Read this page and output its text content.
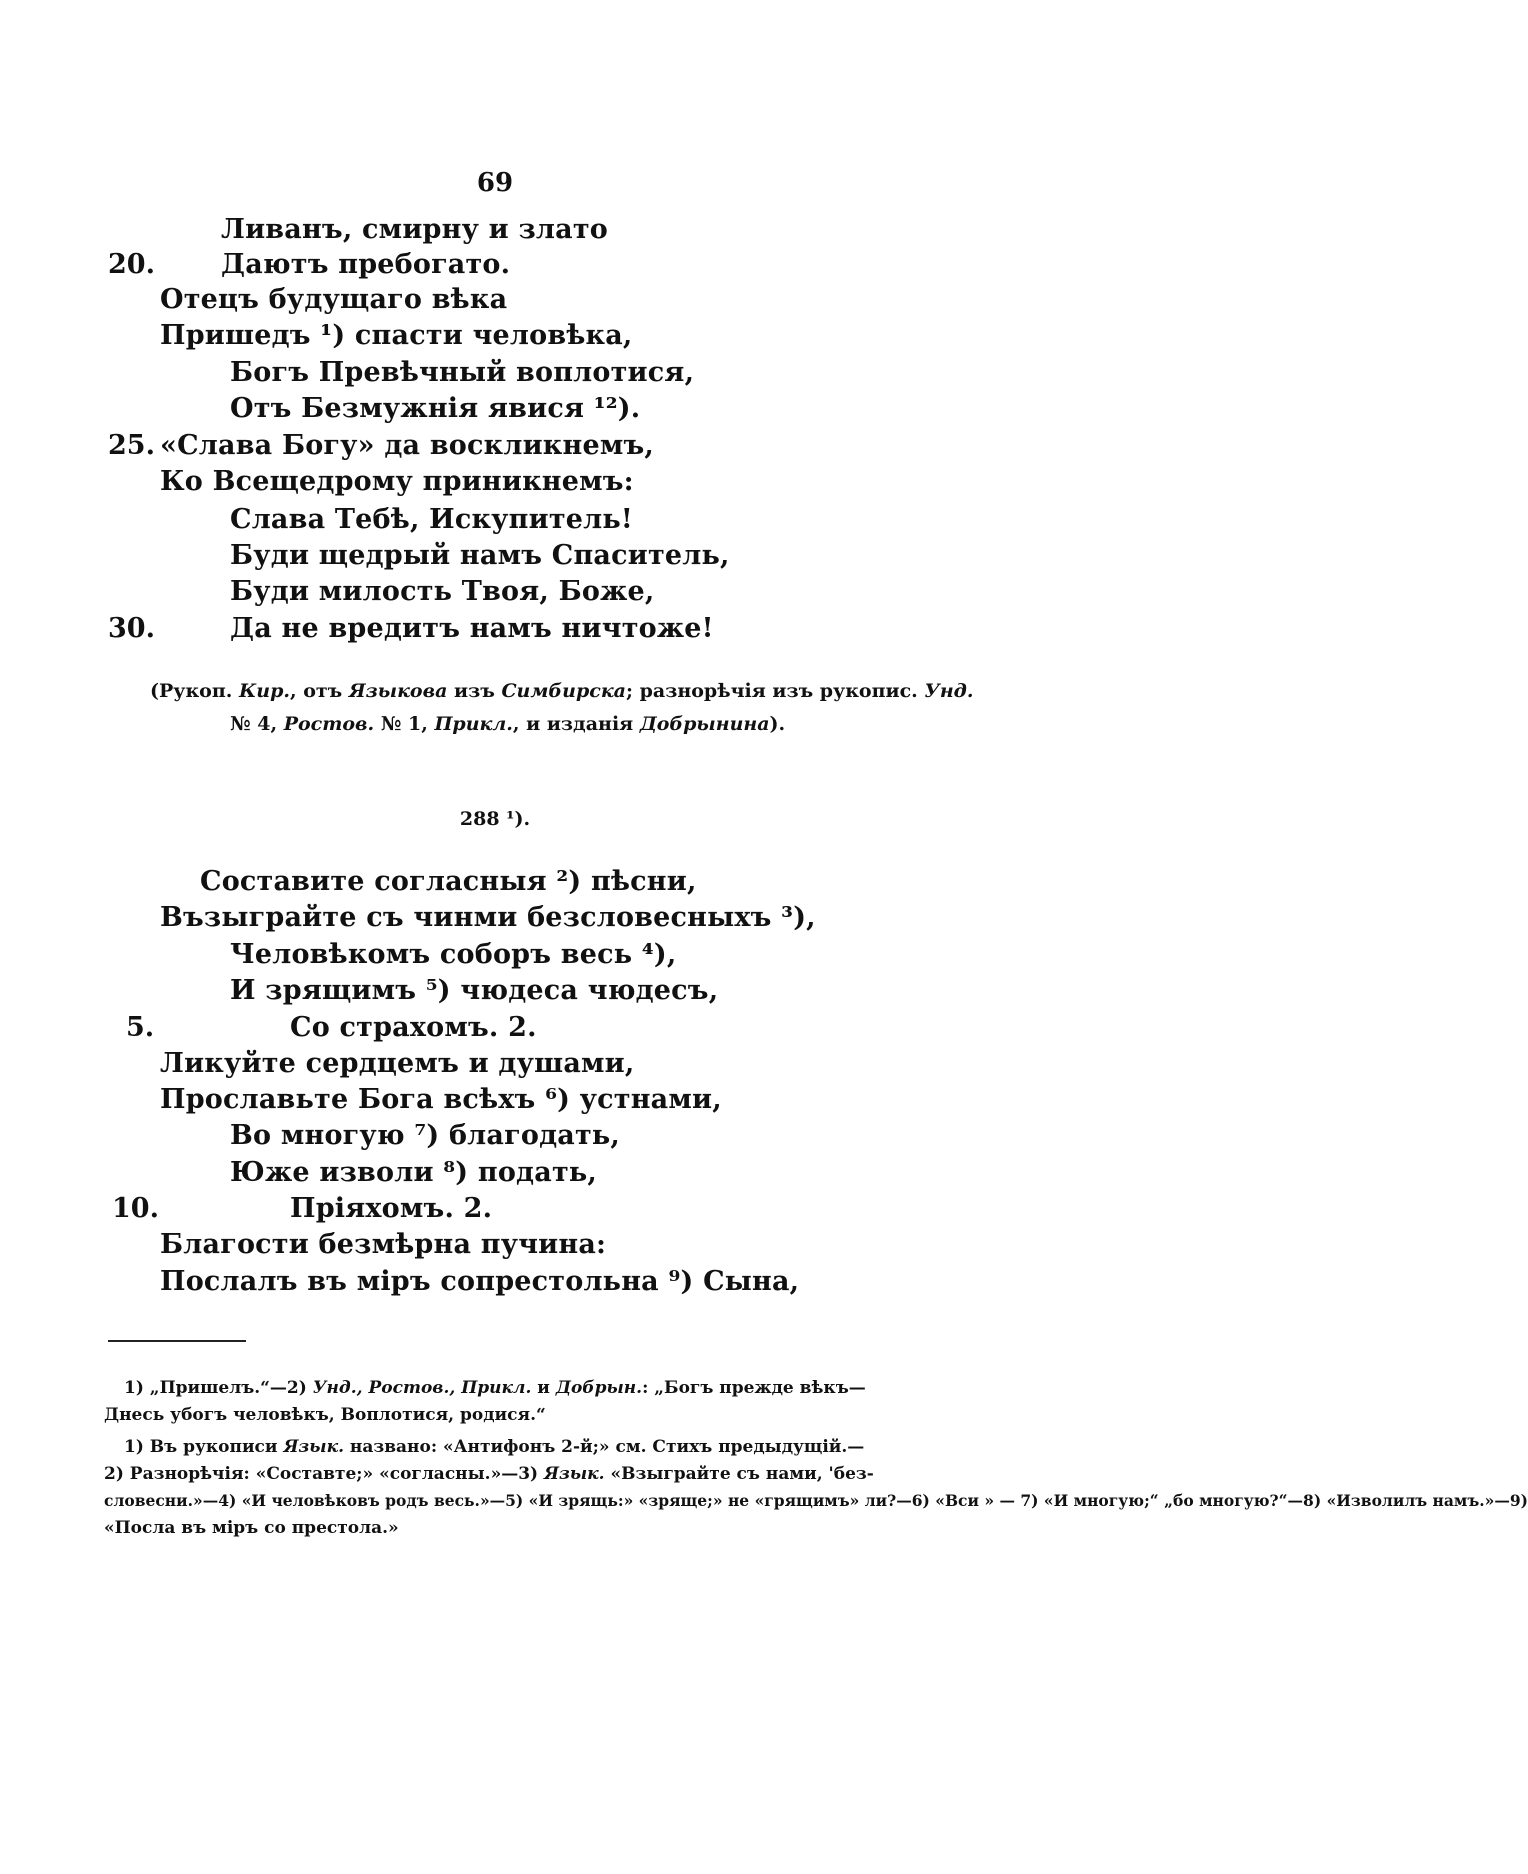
69
Ливанъ, смирну и злато
20. Даютъ пребогато.
Отецъ будущаго вѣка
Пришедъ ¹) спасти человѣка,
Богъ Превѣчный воплотися,
Отъ Безмужнія явися ¹²).
25. «Слава Богу» да воскликнемъ,
Ко Всещедрому приникнемъ:
Слава Тебѣ, Искупитель!
Буди щедрый намъ Спаситель,
Буди милость Твоя, Боже,
30.	Да не вредитъ намъ ничтоже!
(Рукоп. Кир., отъ Языкова изъ Симбирска; разнорѣчія изъ рукопис. Унд.
№ 4, Ростов. № 1, Прикл., и изданія Добрынина).
288 ¹).
Составите согласныя ²) пѣсни,
Възыграйте съ чинми безсловесныхъ ³),
Человѣкомъ соборъ весь ⁴),
И зрящимъ ⁵) чюдеса чюдесъ,
5.	Со страхомъ. 2.
Ликуйте сердцемъ и душами,
Прославьте Бога всѣхъ ⁶) устнами,
Во многую ⁷) благодать,
Юже изволи ⁸) подать,
10.	Пріяхомъ. 2.
Благости безмѣрна пучина:
Послалъ въ міръ сопрестольна ⁹) Сына,
1) „Пришелъ.“—2) Унд., Ростов., Прикл. и Добрын.: „Богъ прежде вѣкъ—
Днесь убогъ человѣкъ, Воплотися, родися.“
1) Въ рукописи Язык. названо: «Антифонъ 2-й;» см. Стихъ предыдущій.—
2) Разнорѣчія: «Составте;» «согласны.»—3) Язык. «Взыграйте съ нами, 'без-
словесни.»—4) «И человѣковъ родъ весь.»—5) «И зрящь:» «зряще;» не «грящимъ» ли?—6) «Вси » — 7) «И многую;“ „бо многую?“—8) «Изволилъ намъ.»—9)
«Посла въ міръ со престола.»
